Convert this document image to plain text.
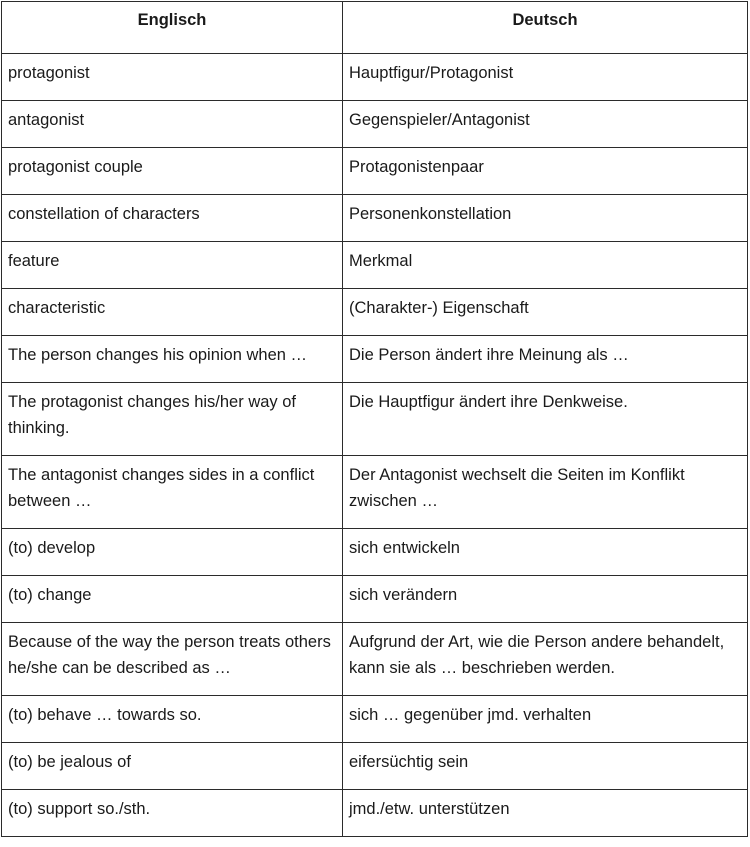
Englisch	Deutsch
protagonist	Hauptfigur/Protagonist
antagonist	Gegenspieler/Antagonist
protagonist couple	Protagonistenpaar
constellation of characters	Personenkonstellation
feature	Merkmal
characteristic	(Charakter-) Eigenschaft
The person changes his opinion when …	Die Person ändert ihre Meinung als …
The protagonist changes his/her way of thinking.	Die Hauptfigur ändert ihre Denkweise.
The antagonist changes sides in a conflict between …	Der Antagonist wechselt die Seiten im Konflikt zwischen …
(to) develop	sich entwickeln
(to) change	sich verändern
Because of the way the person treats others he/she can be described as …	Aufgrund der Art, wie die Person andere behandelt, kann sie als … beschrieben werden.
(to) behave … towards so.	sich … gegenüber jmd. verhalten
(to) be jealous of	eifersüchtig sein
(to) support so./sth.	jmd./etw. unterstützen
